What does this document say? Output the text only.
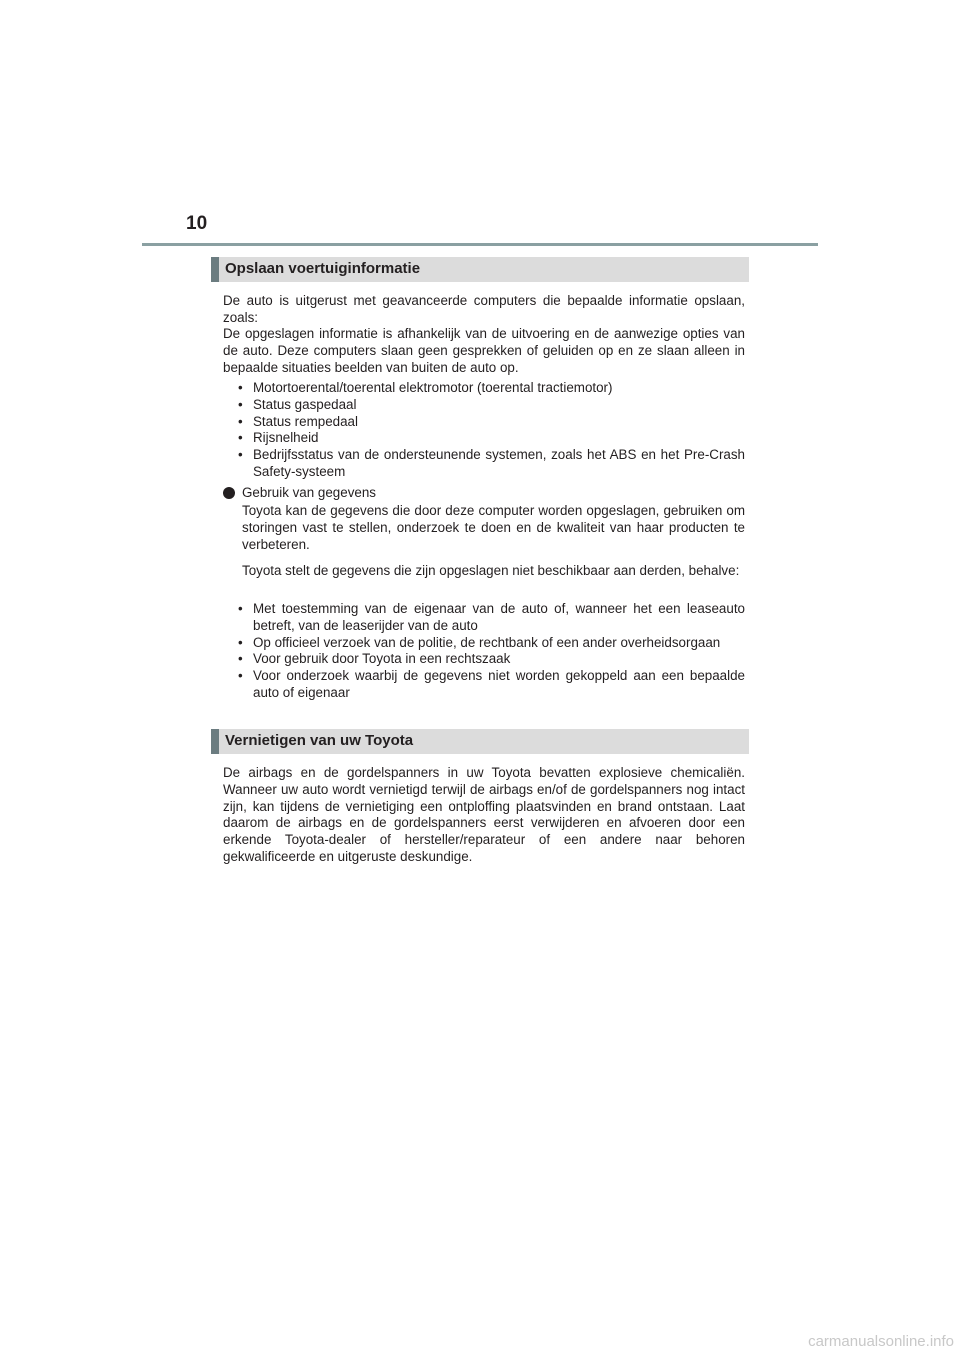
10
Opslaan voertuiginformatie

De auto is uitgerust met geavanceerde computers die bepaalde informatie opslaan, zoals:

De opgeslagen informatie is afhankelijk van de uitvoering en de aanwezige opties van de auto. Deze computers slaan geen gesprekken of geluiden op en ze slaan alleen in bepaalde situaties beelden van buiten de auto op.

• Motortoerental/toerental elektromotor (toerental tractiemotor)
• Status gaspedaal
• Status rempedaal
• Rijsnelheid
• Bedrijfsstatus van de ondersteunende systemen, zoals het ABS en het Pre-Crash Safety-systeem
Gebruik van gegevens

Toyota kan de gegevens die door deze computer worden opgeslagen, gebruiken om storingen vast te stellen, onderzoek te doen en de kwaliteit van haar producten te verbeteren.

Toyota stelt de gegevens die zijn opgeslagen niet beschikbaar aan derden, behalve:

• Met toestemming van de eigenaar van de auto of, wanneer het een leaseauto betreft, van de leaserijder van de auto
• Op officieel verzoek van de politie, de rechtbank of een ander overheidsorgaan
• Voor gebruik door Toyota in een rechtszaak
• Voor onderzoek waarbij de gegevens niet worden gekoppeld aan een bepaalde auto of eigenaar
Vernietigen van uw Toyota

De airbags en de gordelspanners in uw Toyota bevatten explosieve chemicaliën. Wanneer uw auto wordt vernietigd terwijl de airbags en/of de gordelspanners nog intact zijn, kan tijdens de vernietiging een ontploffing plaatsvinden en brand ontstaan. Laat daarom de airbags en de gordelspanners eerst verwijderen en afvoeren door een erkende Toyota-dealer of hersteller/reparateur of een andere naar behoren gekwalificeerde en uitgeruste deskundige.

carmanualsonline.info
